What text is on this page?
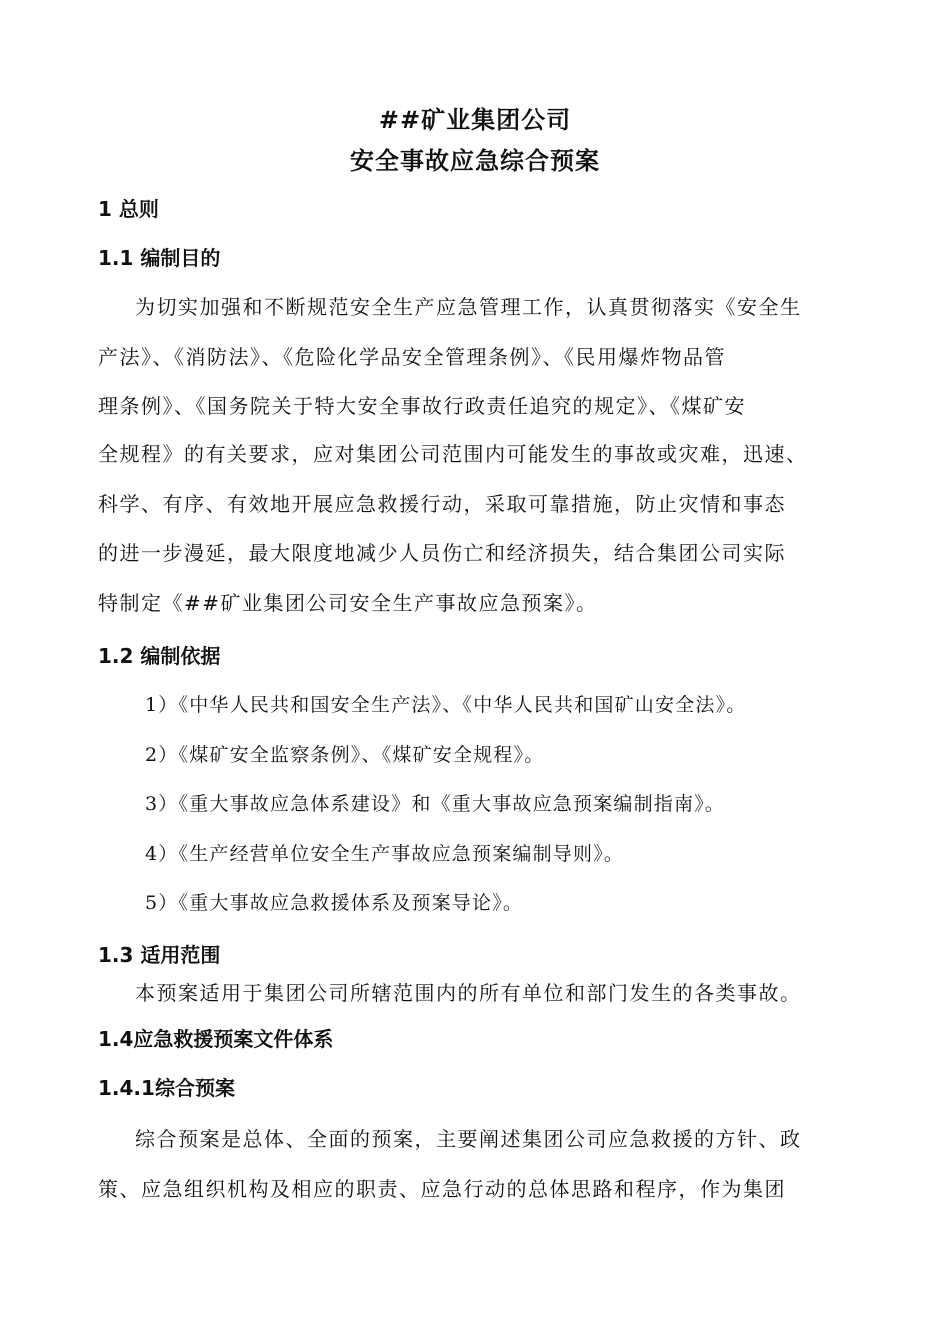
##矿业集团公司
安全事故应急综合预案
1 总则
1.1 编制目的
为切实加强和不断规范安全生产应急管理工作，认真贯彻落实《安全生
产法》、《消防法》、《危险化学品安全管理条例》、《民用爆炸物品管
理条例》、《国务院关于特大安全事故行政责任追究的规定》、《煤矿安
全规程》的有关要求，应对集团公司范围内可能发生的事故或灾难，迅速、
科学、有序、有效地开展应急救援行动，采取可靠措施，防止灾情和事态
的进一步漫延，最大限度地减少人员伤亡和经济损失，结合集团公司实际
特制定《##矿业集团公司安全生产事故应急预案》。
1.2 编制依据
1）《中华人民共和国安全生产法》、《中华人民共和国矿山安全法》。
2）《煤矿安全监察条例》、《煤矿安全规程》。
3）《重大事故应急体系建设》和《重大事故应急预案编制指南》。
4）《生产经营单位安全生产事故应急预案编制导则》。
5）《重大事故应急救援体系及预案导论》。
1.3 适用范围
本预案适用于集团公司所辖范围内的所有单位和部门发生的各类事故。
1.4应急救援预案文件体系
1.4.1综合预案
综合预案是总体、全面的预案，主要阐述集团公司应急救援的方针、政
策、应急组织机构及相应的职责、应急行动的总体思路和程序，作为集团
